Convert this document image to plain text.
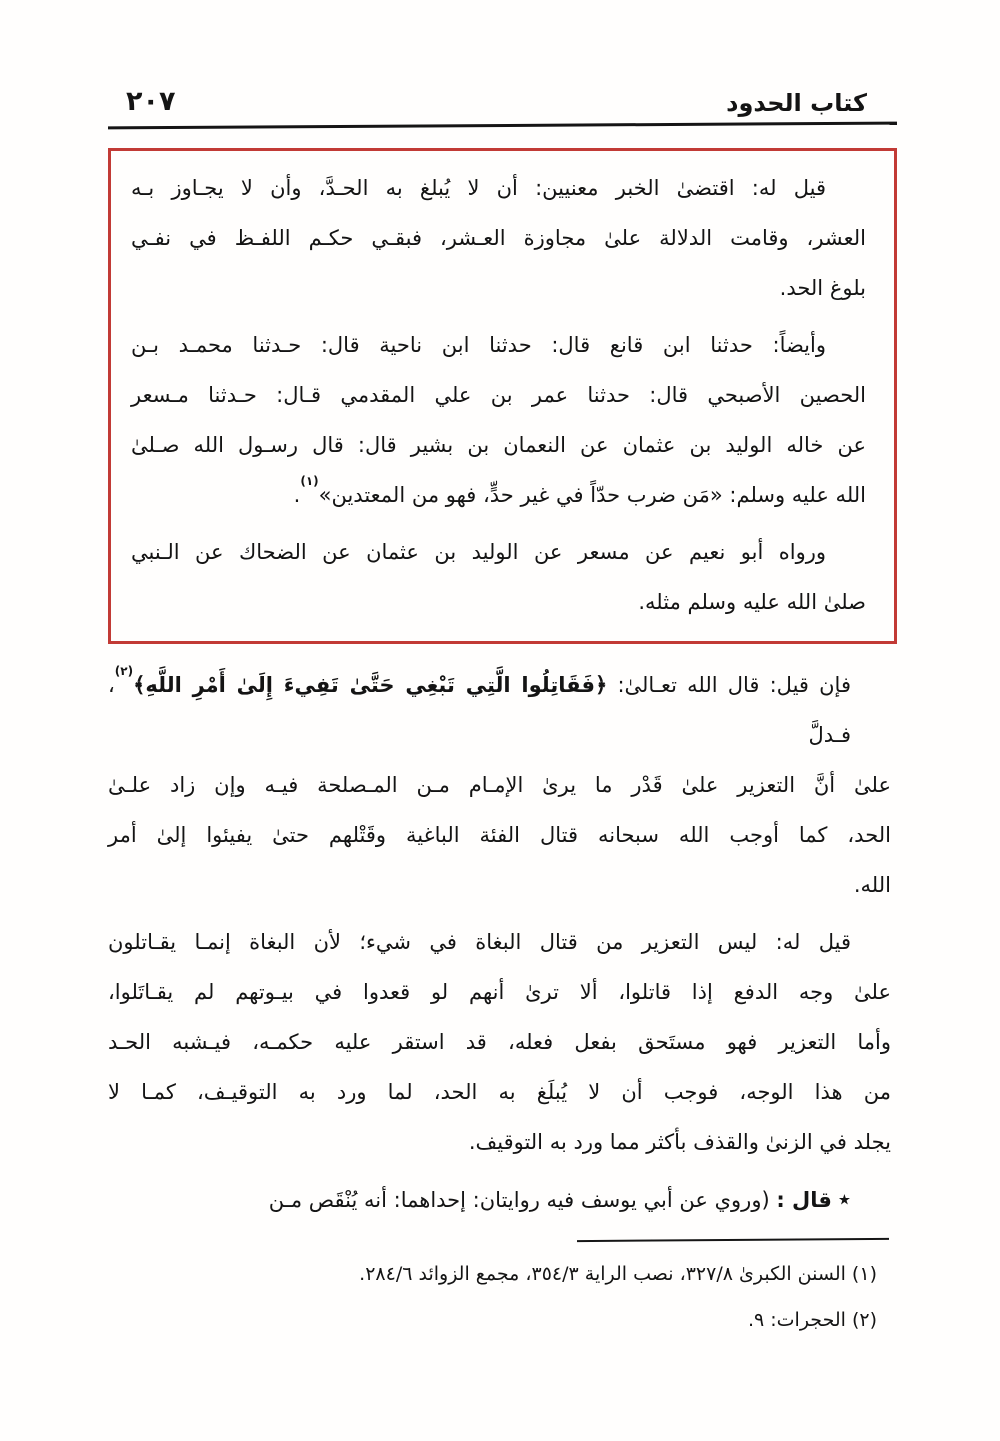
كتاب الحدود
٢٠٧
قيل له: اقتضىٰ الخبر معنيين: أن لا يُبلغ به الحـدَّ، وأن لا يجـاوز بـه
العشر، وقامت الدلالة علىٰ مجاوزة العـشر، فبقـي حكـم اللفـظ في نفـي
بلوغ الحد.
وأيضاً: حدثنا ابن قانع قال: حدثنا ابن ناحية قال: حـدثنا محمـد بـن
الحصين الأصبحي قال: حدثنا عمر بن علي المقدمي قـال: حـدثنا مـسعر
عن خاله الوليد بن عثمان عن النعمان بن بشير قال: قال رسـول الله صـلىٰ
الله عليه وسلم: «مَن ضرب حدّاً في غير حدٍّ، فهو من المعتدين»$^{(١)}$.
ورواه أبو نعيم عن مسعر عن الوليد بن عثمان عن الضحاك عن الـنبي
صلىٰ الله عليه وسلم مثله.
فإن قيل: قال الله تعـالىٰ: ﴿فَقَاتِلُوا الَّتِي تَبْغِي حَتَّىٰ تَفِيءَ إِلَىٰ أَمْرِ اللَّهِ﴾$^{(٢)}$، فـدلَّ
علىٰ أنَّ التعزير علىٰ قَدْر ما يرىٰ الإمـام مـن المـصلحة فيـه وإن زاد علـىٰ
الحد، كما أوجب الله سبحانه قتال الفئة الباغية وقَتْلهم حتىٰ يفيئوا إلىٰ أمر
الله.
قيل له: ليس التعزير من قتال البغاة في شيء؛ لأن البغاة إنمـا يقـاتلون
علىٰ وجه الدفع إذا قاتلوا، ألا ترىٰ أنهم لو قعدوا في بيـوتهم لم يقـاتَلوا،
وأما التعزير فهو مستَحق بفعل فعله، قد استقر عليه حكمـه، فيـشبه الحـد
من هذا الوجه، فوجب أن لا يُبلَغ به الحد، لما ورد به التوقيـف، كمـا لا
يجلد في الزنىٰ والقذف بأكثر مما ورد به التوقيف.
٭قال : (وروي عن أبي يوسف فيه روايتان: إحداهما: أنه يُنْقَص مـن
(١) السنن الكبرىٰ ٣٢٧/٨، نصب الراية ٣٥٤/٣، مجمع الزوائد ٢٨٤/٦.
(٢) الحجرات: ٩.
